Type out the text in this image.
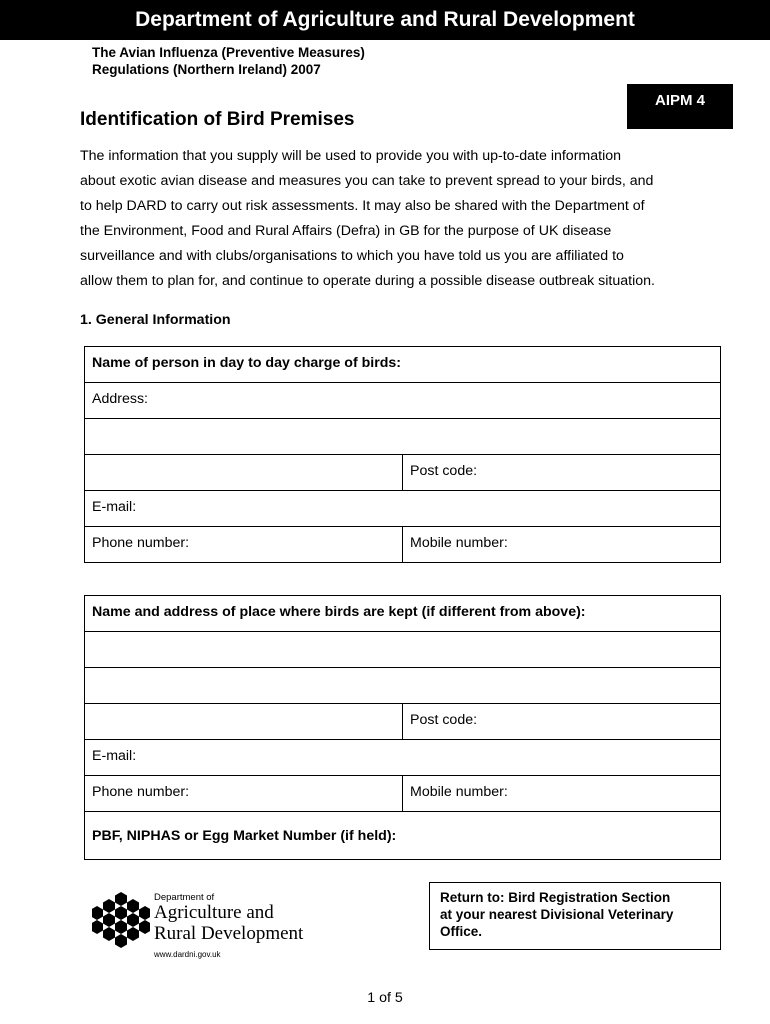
Department of Agriculture and Rural Development
The Avian Influenza (Preventive Measures)
Regulations (Northern Ireland) 2007
AIPM 4
Identification of Bird Premises
The information that you supply will be used to provide you with up-to-date information
about exotic avian disease and measures you can take to prevent spread to your birds, and
to help DARD to carry out risk assessments. It may also be shared with the Department of
the Environment, Food and Rural Affairs (Defra) in GB for the purpose of UK disease
surveillance and with clubs/organisations to which you have told us you are affiliated to
allow them to plan for, and continue to operate during a possible disease outbreak situation.
1. General Information
Name of person in day to day charge of birds:	

Address:	

	Post code:

E-mail:	

Phone number:	Mobile number:
Name and address of place where birds are kept (if different from above):	

	Post code:

E-mail:	

Phone number:	Mobile number:

PBF, NIPHAS or Egg Market Number (if held):	
Department of
Agriculture and
Rural Development
www.dardni.gov.uk
Return to: Bird Registration Section
at your nearest Divisional Veterinary
Office.
1 of 5
